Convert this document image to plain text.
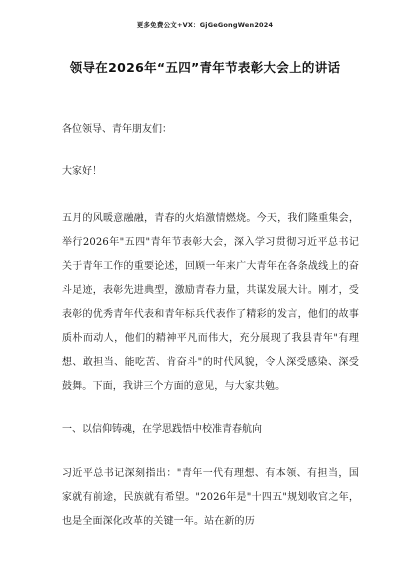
更多免费公文+VX：GjGeGongWen2024
领导在2026年“五四”青年节表彰大会上的讲话

各位领导、青年朋友们：

大家好！

五月的风暖意融融，青春的火焰激情燃烧。今天，我们隆重集会，举行2026年"五四"青年节表彰大会，深入学习贯彻习近平总书记关于青年工作的重要论述，回顾一年来广大青年在各条战线上的奋斗足迹，表彰先进典型，激励青春力量，共谋发展大计。刚才，受表彰的优秀青年代表和青年标兵代表作了精彩的发言，他们的故事质朴而动人，他们的精神平凡而伟大，充分展现了我县青年"有理想、敢担当、能吃苦、肯奋斗"的时代风貌，令人深受感染、深受鼓舞。下面，我讲三个方面的意见，与大家共勉。

一、以信仰铸魂，在学思践悟中校准青春航向

习近平总书记深刻指出："青年一代有理想、有本领、有担当，国家就有前途，民族就有希望。"2026年是"十四五"规划收官之年，也是全面深化改革的关键一年。站在新的历
